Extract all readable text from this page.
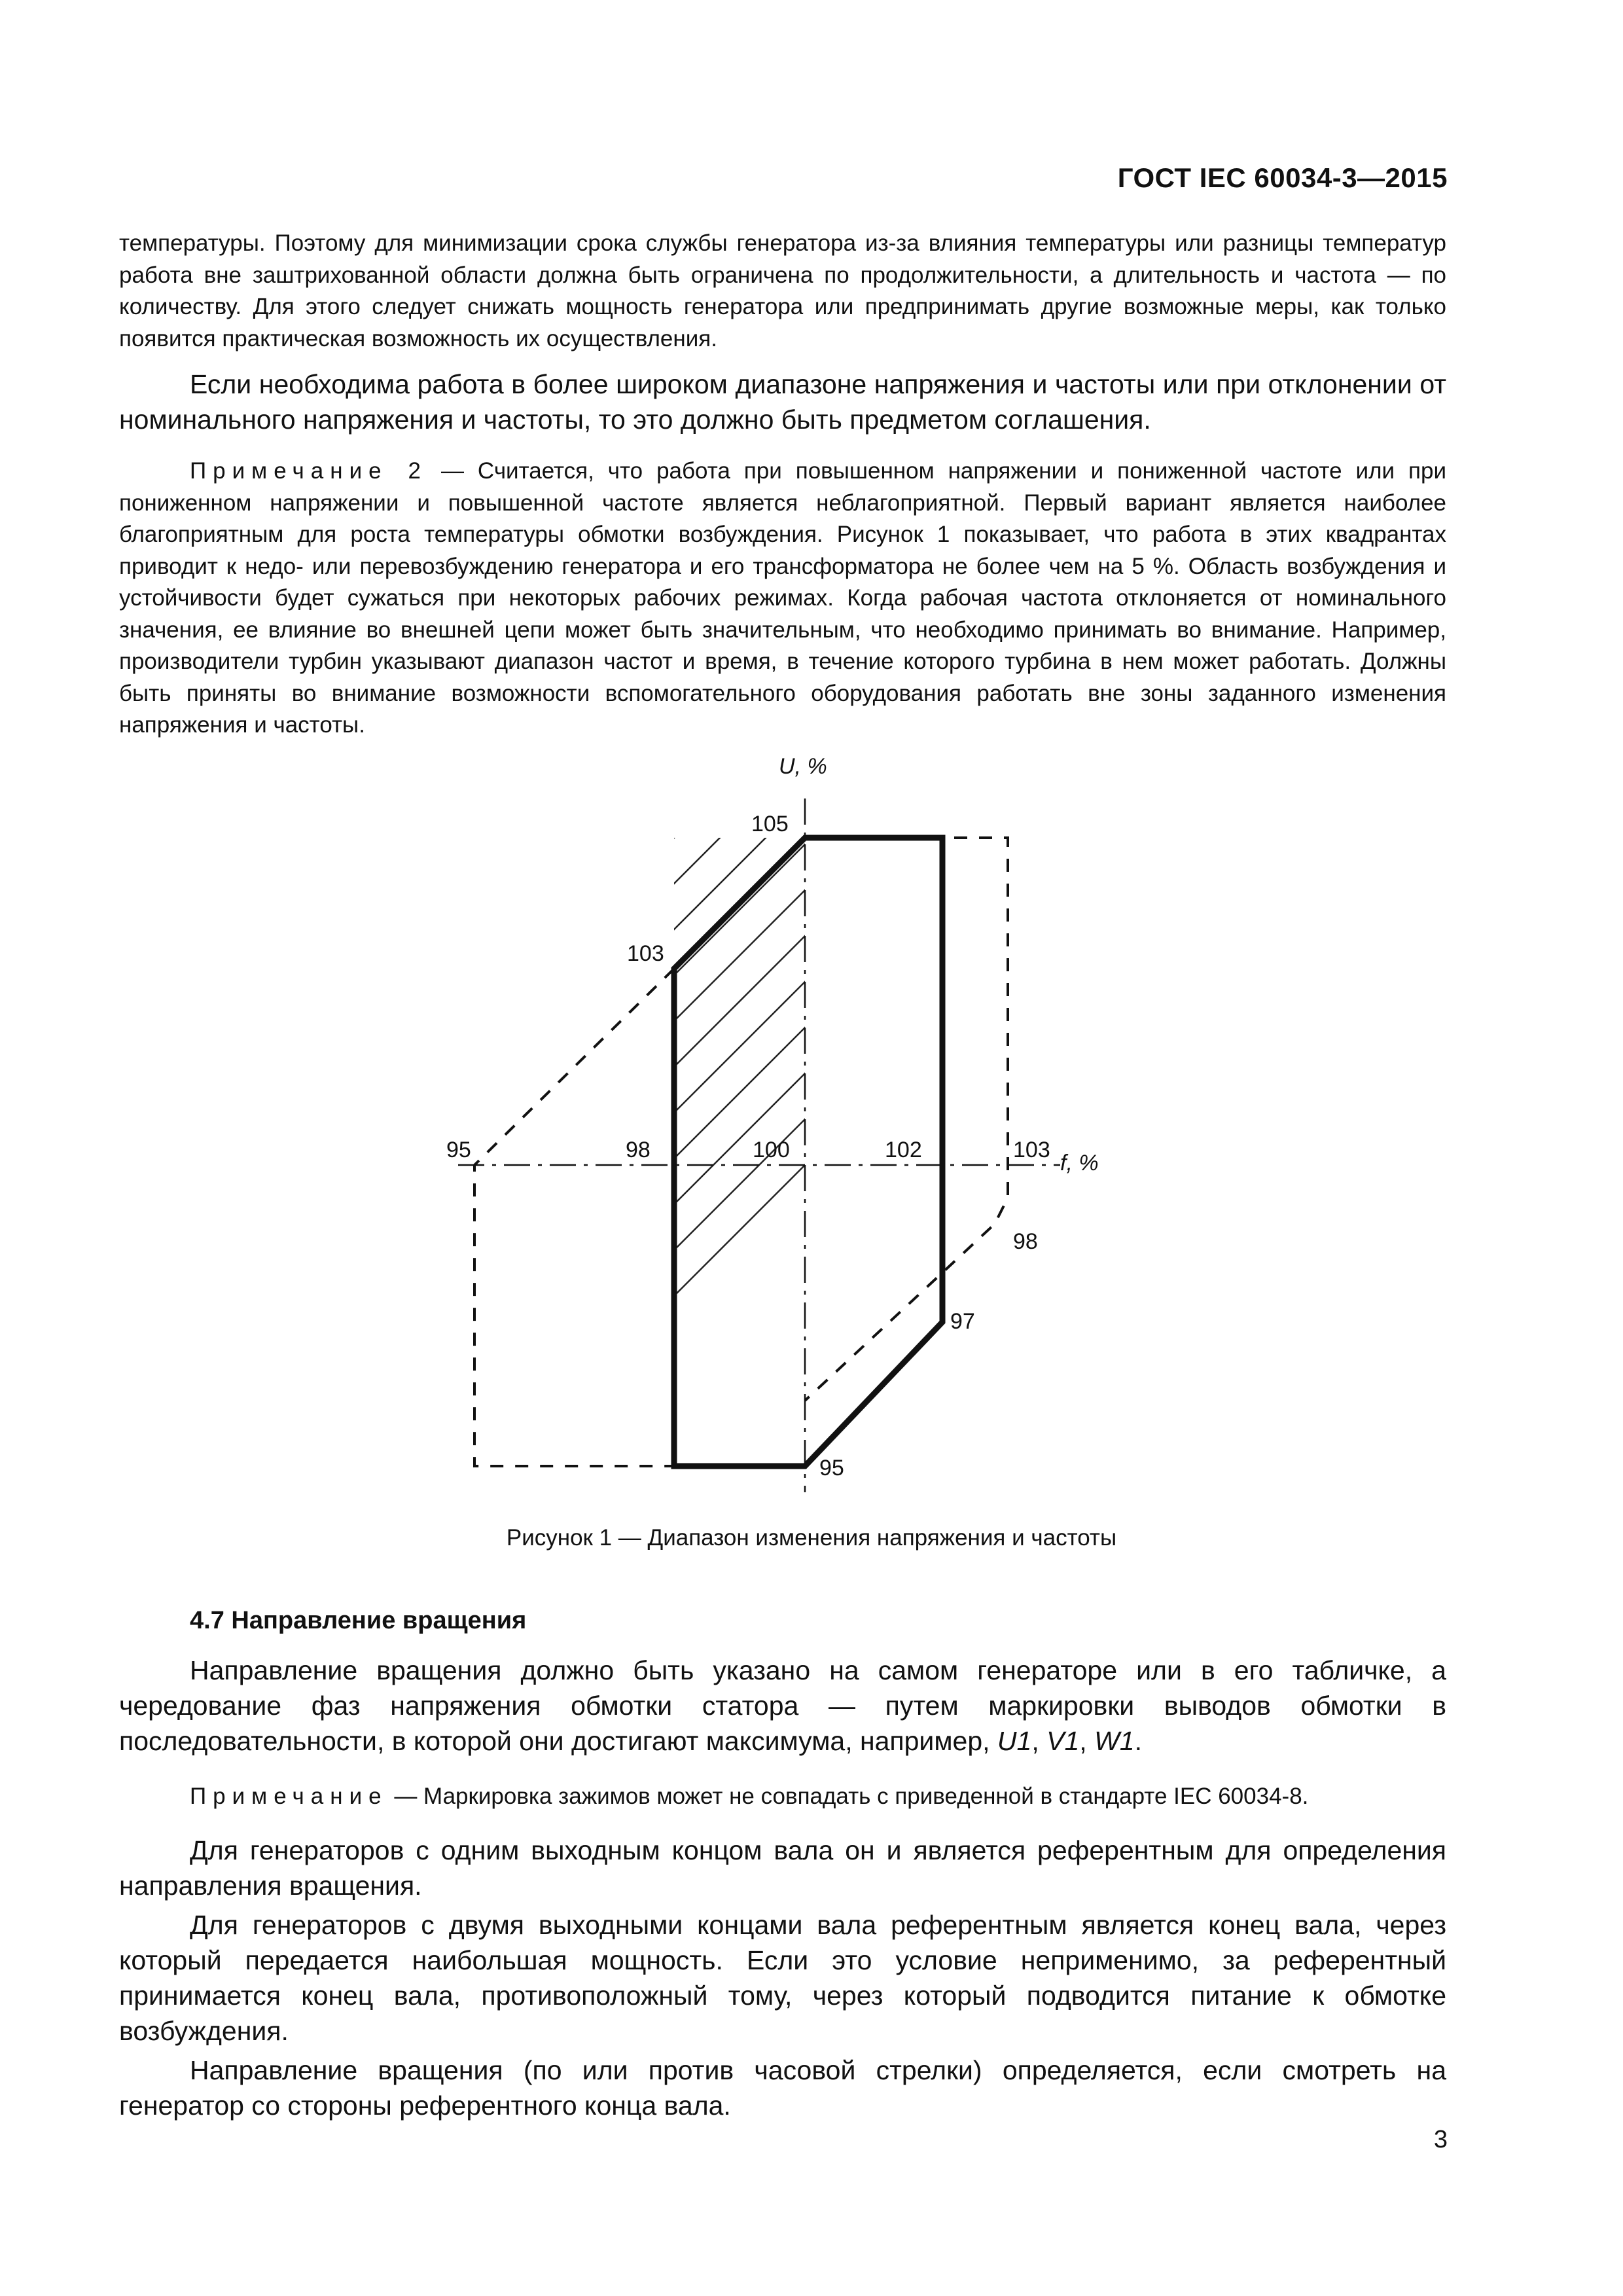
ГОСТ IEC 60034-3—2015

температуры. Поэтому для минимизации срока службы генератора из-за влияния температуры или разницы температур работа вне заштрихованной области должна быть ограничена по продолжительности, а длительность и частота — по количеству. Для этого следует снижать мощность генератора или предпринимать другие возможные меры, как только появится практическая возможность их осуществления.

Если необходима работа в более широком диапазоне напряжения и частоты или при отклонении от номинального напряжения и частоты, то это должно быть предметом соглашения.

Примечание 2 — Считается, что работа при повышенном напряжении и пониженной частоте или при пониженном напряжении и повышенной частоте является неблагоприятной. Первый вариант является наиболее благоприятным для роста температуры обмотки возбуждения. Рисунок 1 показывает, что работа в этих квадрантах приводит к недо- или перевозбуждению генератора и его трансформатора не более чем на 5 %. Область возбуждения и устойчивости будет сужаться при некоторых рабочих режимах. Когда рабочая частота отклоняется от номинального значения, ее влияние во внешней цепи может быть значительным, что необходимо принимать во внимание. Например, производители турбин указывают диапазон частот и время, в течение которого турбина в нем может работать. Должны быть приняты во внимание возможности вспомогательного оборудования работать вне зоны заданного изменения напряжения и частоты.

U, %
f, %
105
103
95	98	100	102	103
98
97
95
Рисунок 1 — Диапазон изменения напряжения и частоты
4.7 Направление вращения

Направление вращения должно быть указано на самом генераторе или в его табличке, а чередование фаз напряжения обмотки статора — путем маркировки выводов обмотки в последовательности, в которой они достигают максимума, например, U1, V1, W1.

Примечание — Маркировка зажимов может не совпадать с приведенной в стандарте IEC 60034-8.

Для генераторов с одним выходным концом вала он и является референтным для определения направления вращения.

Для генераторов с двумя выходными концами вала референтным является конец вала, через который передается наибольшая мощность. Если это условие неприменимо, за референтный принимается конец вала, противоположный тому, через который подводится питание к обмотке возбуждения.

Направление вращения (по или против часовой стрелки) определяется, если смотреть на генератор со стороны референтного конца вала.

3
